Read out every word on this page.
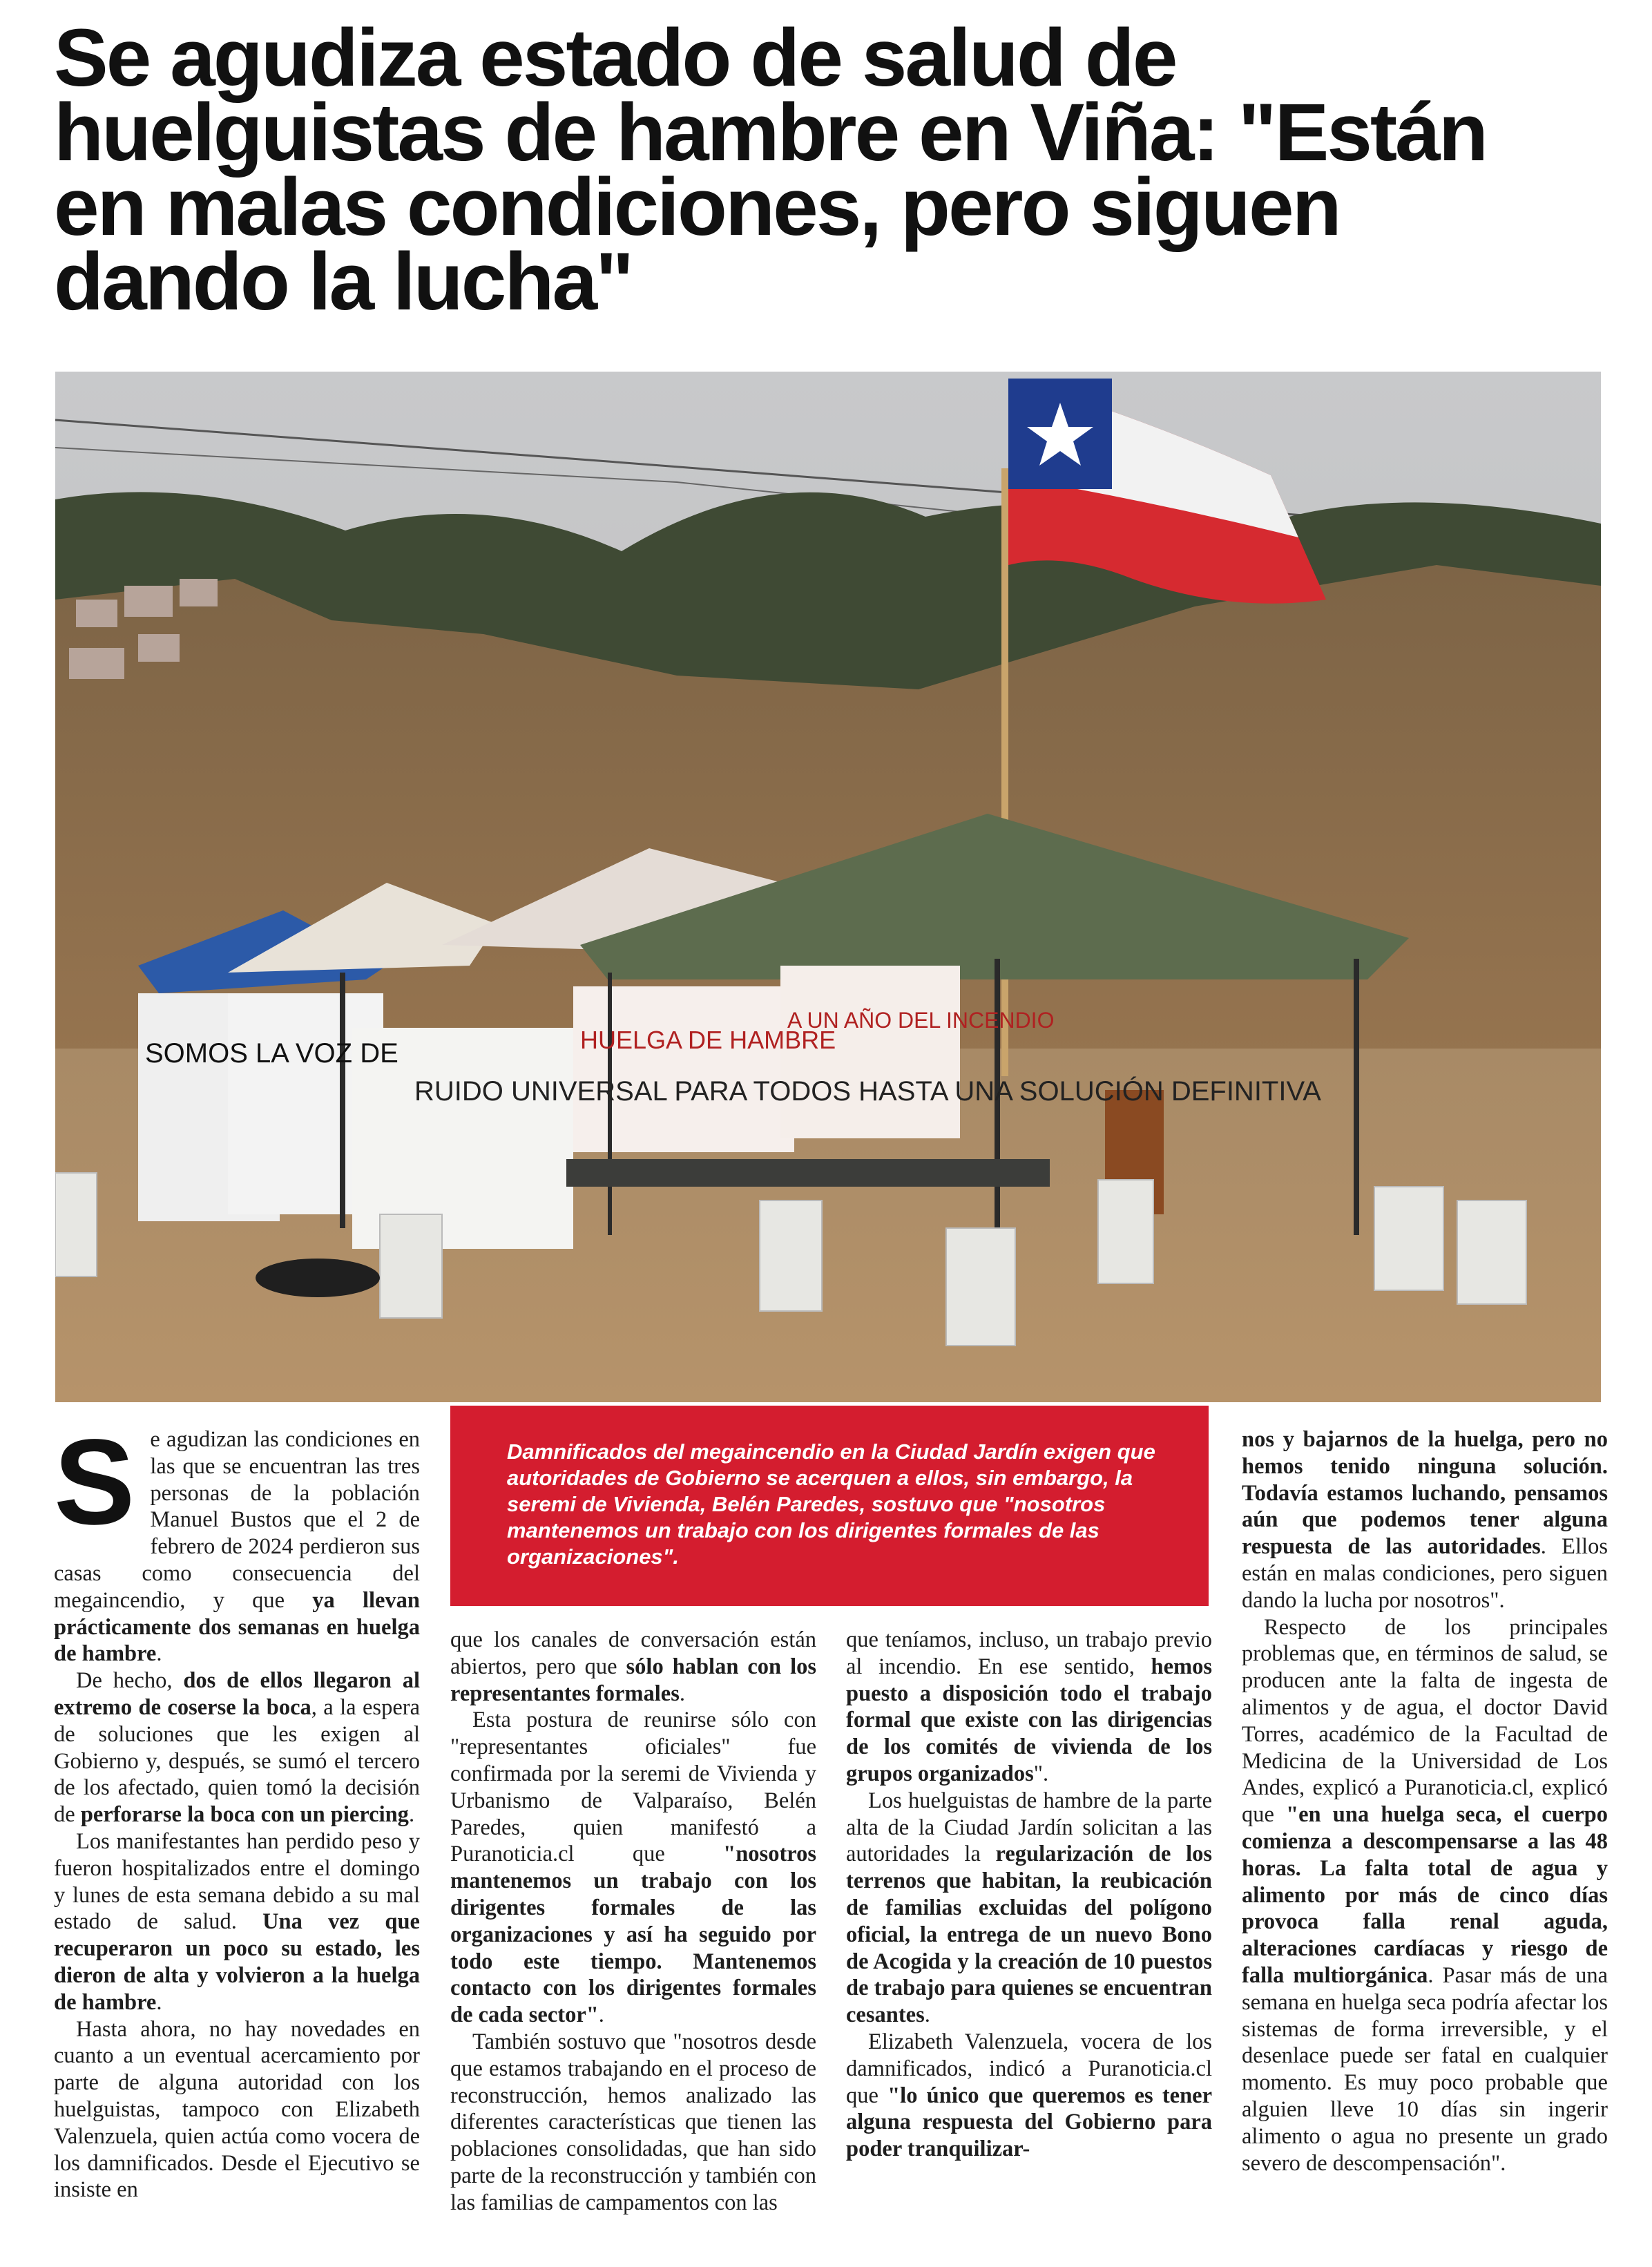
Se agudiza estado de salud de huelguistas de hambre en Viña: "Están en malas condiciones, pero siguen dando la lucha"
RUIDO UNIVERSAL PARA TODOS HASTA UNA SOLUCIÓN DEFINITIVA
HUELGA DE HAMBRE
A UN AÑO DEL INCENDIO
SOMOS LA VOZ DE
Damnificados del megaincendio en la Ciudad Jardín exigen que autoridades de Gobierno se acerquen a ellos, sin embargo, la seremi de Vivienda, Belén Paredes, sostuvo que "nosotros mantenemos un trabajo con los dirigentes formales de las organizaciones".
S e agudizan las condiciones en las que se encuentran las tres personas de la población Manuel Bustos que el 2 de febrero de 2024 perdieron sus casas como consecuencia del megaincendio, y que ya llevan prácticamente dos semanas en huelga de hambre.

De hecho, dos de ellos llegaron al extremo de coserse la boca, a la espera de soluciones que les exigen al Gobierno y, después, se sumó el tercero de los afectado, quien tomó la decisión de perforarse la boca con un piercing.

Los manifestantes han perdido peso y fueron hospitalizados entre el domingo y lunes de esta semana debido a su mal estado de salud. Una vez que recuperaron un poco su estado, les dieron de alta y volvieron a la huelga de hambre.

Hasta ahora, no hay novedades en cuanto a un eventual acercamiento por parte de alguna autoridad con los huelguistas, tampoco con Elizabeth Valenzuela, quien actúa como vocera de los damnificados. Desde el Ejecutivo se insiste en

que los canales de conversación están abiertos, pero que sólo hablan con los representantes formales.

Esta postura de reunirse sólo con "representantes oficiales" fue confirmada por la seremi de Vivienda y Urbanismo de Valparaíso, Belén Paredes, quien manifestó a Puranoticia.cl que "nosotros mantenemos un trabajo con los dirigentes formales de las organizaciones y así ha seguido por todo este tiempo. Mantenemos contacto con los dirigentes formales de cada sector".

También sostuvo que "nosotros desde que estamos trabajando en el proceso de reconstrucción, hemos analizado las diferentes características que tienen las poblaciones consolidadas, que han sido parte de la reconstrucción y también con las familias de campamentos con las

que teníamos, incluso, un trabajo previo al incendio. En ese sentido, hemos puesto a disposición todo el trabajo formal que existe con las dirigencias de los comités de vivienda de los grupos organizados".

Los huelguistas de hambre de la parte alta de la Ciudad Jardín solicitan a las autoridades la regularización de los terrenos que habitan, la reubicación de familias excluidas del polígono oficial, la entrega de un nuevo Bono de Acogida y la creación de 10 puestos de trabajo para quienes se encuentran cesantes.

Elizabeth Valenzuela, vocera de los damnificados, indicó a Puranoticia.cl que "lo único que queremos es tener alguna respuesta del Gobierno para poder tranquilizar-

nos y bajarnos de la huelga, pero no hemos tenido ninguna solución. Todavía estamos luchando, pensamos aún que podemos tener alguna respuesta de las autoridades. Ellos están en malas condiciones, pero siguen dando la lucha por nosotros".

Respecto de los principales problemas que, en términos de salud, se producen ante la falta de ingesta de alimentos y de agua, el doctor David Torres, académico de la Facultad de Medicina de la Universidad de Los Andes, explicó a Puranoticia.cl, explicó que "en una huelga seca, el cuerpo comienza a descompensarse a las 48 horas. La falta total de agua y alimento por más de cinco días provoca falla renal aguda, alteraciones cardíacas y riesgo de falla multiorgánica. Pasar más de una semana en huelga seca podría afectar los sistemas de forma irreversible, y el desenlace puede ser fatal en cualquier momento. Es muy poco probable que alguien lleve 10 días sin ingerir alimento o agua no presente un grado severo de descompensación".
